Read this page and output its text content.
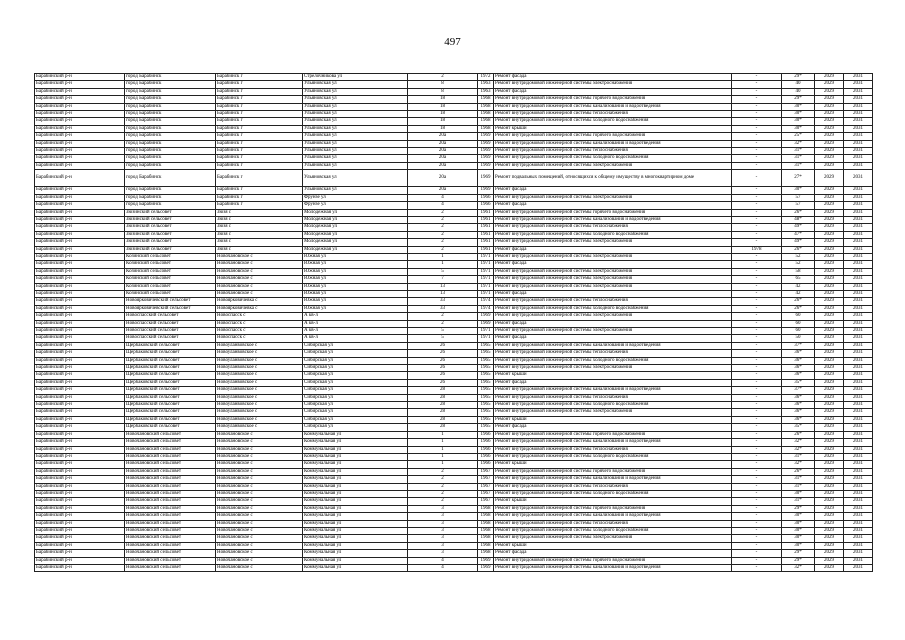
497
Барабинский р-н	город Барабинск	Барабинск г	Стрелочникова ул	2	1972	Ремонт фасада	-	29*	2029	2031
Барабинский р-н	город Барабинск	Барабинск г	Ульяновская ул	8	1963	Ремонт внутридомовой инженерной системы электроснабжения	-	40	2029	2031
Барабинский р-н	город Барабинск	Барабинск г	Ульяновская ул	8	1963	Ремонт фасада	-	40	2029	2031
Барабинский р-н	город Барабинск	Барабинск г	Ульяновская ул	18	1968	Ремонт внутридомовой инженерной системы горячего водоснабжения	-	29*	2029	2031
Барабинский р-н	город Барабинск	Барабинск г	Ульяновская ул	18	1968	Ремонт внутридомовой инженерной системы канализования и водоотведения	-	30*	2029	2031
Барабинский р-н	город Барабинск	Барабинск г	Ульяновская ул	18	1968	Ремонт внутридомовой инженерной системы теплоснабжения	-	30*	2029	2031
Барабинский р-н	город Барабинск	Барабинск г	Ульяновская ул	18	1968	Ремонт внутридомовой инженерной системы холодного водоснабжения	-	30*	2029	2031
Барабинский р-н	город Барабинск	Барабинск г	Ульяновская ул	18	1968	Ремонт крыши	-	30*	2029	2031
Барабинский р-н	город Барабинск	Барабинск г	Ульяновская ул	20а	1969	Ремонт внутридомовой инженерной системы горячего водоснабжения	-	25*	2029	2031
Барабинский р-н	город Барабинск	Барабинск г	Ульяновская ул	20а	1969	Ремонт внутридомовой инженерной системы канализования и водоотведения	-	32*	2029	2031
Барабинский р-н	город Барабинск	Барабинск г	Ульяновская ул	20а	1969	Ремонт внутридомовой инженерной системы теплоснабжения	-	31*	2029	2031
Барабинский р-н	город Барабинск	Барабинск г	Ульяновская ул	20а	1969	Ремонт внутридомовой инженерной системы холодного водоснабжения	-	31*	2029	2031
Барабинский р-н	город Барабинск	Барабинск г	Ульяновская ул	20а	1969	Ремонт внутридомовой инженерной системы электроснабжения	-	31*	2029	2031
Барабинский р-н	город Барабинск	Барабинск г	Ульяновская ул	20а	1969	Ремонт подвальных помещений, относящихся к общему имуществу в многоквартирном доме	-	27*	2029	2031
Барабинский р-н	город Барабинск	Барабинск г	Ульяновская ул	20а	1969	Ремонт фасада	-	30*	2029	2031
Барабинский р-н	город Барабинск	Барабинск г	Фрунзе ул	4	1966	Ремонт внутридомовой инженерной системы электроснабжения	-	57	2029	2031
Барабинский р-н	город Барабинск	Барабинск г	Фрунзе ул	4	1966	Ремонт фасада	-	57	2029	2031
Барабинский р-н	Зюзинский сельсовет	Зюзя с	Молодежная ул	2	1961	Ремонт внутридомовой инженерной системы горячего водоснабжения	-	26*	2029	2031
Барабинский р-н	Зюзинский сельсовет	Зюзя с	Молодежная ул	2	1961	Ремонт внутридомовой инженерной системы канализования и водоотведения	-	48*	2029	2031
Барабинский р-н	Зюзинский сельсовет	Зюзя с	Молодежная ул	2	1961	Ремонт внутридомовой инженерной системы теплоснабжения	-	49*	2029	2031
Барабинский р-н	Зюзинский сельсовет	Зюзя с	Молодежная ул	2	1961	Ремонт внутридомовой инженерной системы холодного водоснабжения	-	47*	2029	2031
Барабинский р-н	Зюзинский сельсовет	Зюзя с	Молодежная ул	2	1961	Ремонт внутридомовой инженерной системы электроснабжения	-	49*	2029	2031
Барабинский р-н	Зюзинский сельсовет	Зюзя с	Молодежная ул	2	1961	Ремонт фасада	1978	26*	2029	2031
Барабинский р-н	Козинский сельсовет	Новочановское с	Южная ул	1	1971	Ремонт внутридомовой инженерной системы электроснабжения	-	52	2029	2031
Барабинский р-н	Козинский сельсовет	Новочановское с	Южная ул	1	1971	Ремонт фасада	-	52	2029	2031
Барабинский р-н	Козинский сельсовет	Новочановское с	Южная ул	5	1971	Ремонт внутридомовой инженерной системы электроснабжения	-	58	2029	2031
Барабинский р-н	Козинский сельсовет	Новочановское с	Южная ул	7	1971	Ремонт внутридомовой инженерной системы электроснабжения	-	65	2029	2031
Барабинский р-н	Козинский сельсовет	Новочановское с	Южная ул	13	1971	Ремонт внутридомовой инженерной системы электроснабжения	-	42	2029	2031
Барабинский р-н	Козинский сельсовет	Новочановское с	Южная ул	13	1971	Ремонт фасада	-	42	2029	2031
Барабинский р-н	Новоярковичевский сельсовет	Новоярковичевка с	Южная ул	33	1974	Ремонт внутридомовой инженерной системы теплоснабжения	-	26*	2029	2031
Барабинский р-н	Новоярковичевский сельсовет	Новоярковичевка с	Южная ул	33	1974	Ремонт внутридомовой инженерной системы холодного водоснабжения	-	26*	2029	2031
Барабинский р-н	Новоспасский сельсовет	Новоспасск с	А кв-л	2	1969	Ремонт внутридомовой инженерной системы электроснабжения	-	60	2029	2031
Барабинский р-н	Новоспасский сельсовет	Новоспасск с	А кв-л	2	1969	Ремонт фасада	-	60	2029	2031
Барабинский р-н	Новоспасский сельсовет	Новоспасск с	А кв-л	5	1971	Ремонт внутридомовой инженерной системы электроснабжения	-	60	2029	2031
Барабинский р-н	Новоспасский сельсовет	Новоспасск с	А кв-л	5	1971	Ремонт фасада	-	50	2029	2031
Барабинский р-н	Щербаковский сельсовет	Новоуланвовское с	Сибирская ул	26	1965	Ремонт внутридомовой инженерной системы канализования и водоотведения	-	37*	2029	2031
Барабинский р-н	Щербаковский сельсовет	Новоуланвовское с	Сибирская ул	26	1965	Ремонт внутридомовой инженерной системы теплоснабжения	-	36*	2029	2031
Барабинский р-н	Щербаковский сельсовет	Новоуланвовское с	Сибирская ул	26	1965	Ремонт внутридомовой инженерной системы холодного водоснабжения	-	36*	2029	2031
Барабинский р-н	Щербаковский сельсовет	Новоуланвовское с	Сибирская ул	26	1965	Ремонт внутридомовой инженерной системы электроснабжения	-	36*	2029	2031
Барабинский р-н	Щербаковский сельсовет	Новоуланвовское с	Сибирская ул	26	1965	Ремонт крыши	-	36*	2029	2031
Барабинский р-н	Щербаковский сельсовет	Новоуланвовское с	Сибирская ул	26	1965	Ремонт фасада	-	35*	2029	2031
Барабинский р-н	Щербаковский сельсовет	Новоуланвовское с	Сибирская ул	28	1965	Ремонт внутридомовой инженерной системы канализования и водоотведения	-	37*	2029	2031
Барабинский р-н	Щербаковский сельсовет	Новоуланвовское с	Сибирская ул	28	1965	Ремонт внутридомовой инженерной системы теплоснабжения	-	36*	2029	2031
Барабинский р-н	Щербаковский сельсовет	Новоуланвовское с	Сибирская ул	28	1965	Ремонт внутридомовой инженерной системы холодного водоснабжения	-	36*	2029	2031
Барабинский р-н	Щербаковский сельсовет	Новоуланвовское с	Сибирская ул	28	1965	Ремонт внутридомовой инженерной системы электроснабжения	-	36*	2029	2031
Барабинский р-н	Щербаковский сельсовет	Новоуланвовское с	Сибирская ул	28	1965	Ремонт крыши	-	36*	2029	2031
Барабинский р-н	Щербаковский сельсовет	Новоуланвовское с	Сибирская ул	28	1965	Ремонт фасада	-	35*	2029	2031
Барабинский р-н	Новочановский сельсовет	Новочановское с	Коммунальная ул	1	1966	Ремонт внутридомовой инженерной системы горячего водоснабжения	-	26*	2029	2031
Барабинский р-н	Новочановский сельсовет	Новочановское с	Коммунальная ул	1	1966	Ремонт внутридомовой инженерной системы канализования и водоотведения	-	32*	2029	2031
Барабинский р-н	Новочановский сельсовет	Новочановское с	Коммунальная ул	1	1966	Ремонт внутридомовой инженерной системы теплоснабжения	-	32*	2029	2031
Барабинский р-н	Новочановский сельсовет	Новочановское с	Коммунальная ул	1	1966	Ремонт внутридомовой инженерной системы холодного водоснабжения	-	31*	2029	2031
Барабинский р-н	Новочановский сельсовет	Новочановское с	Коммунальная ул	1	1966	Ремонт крыши	-	32*	2029	2031
Барабинский р-н	Новочановский сельсовет	Новочановское с	Коммунальная ул	2	1967	Ремонт внутридомовой инженерной системы горячего водоснабжения	-	26*	2029	2031
Барабинский р-н	Новочановский сельсовет	Новочановское с	Коммунальная ул	2	1967	Ремонт внутридомовой инженерной системы канализования и водоотведения	-	31*	2029	2031
Барабинский р-н	Новочановский сельсовет	Новочановское с	Коммунальная ул	2	1967	Ремонт внутридомовой инженерной системы теплоснабжения	-	31*	2029	2031
Барабинский р-н	Новочановский сельсовет	Новочановское с	Коммунальная ул	2	1967	Ремонт внутридомовой инженерной системы холодного водоснабжения	-	30*	2029	2031
Барабинский р-н	Новочановский сельсовет	Новочановское с	Коммунальная ул	2	1967	Ремонт крыши	-	31*	2029	2031
Барабинский р-н	Новочановский сельсовет	Новочановское с	Коммунальная ул	3	1968	Ремонт внутридомовой инженерной системы горячего водоснабжения	-	29*	2029	2031
Барабинский р-н	Новочановский сельсовет	Новочановское с	Коммунальная ул	3	1968	Ремонт внутридомовой инженерной системы канализования и водоотведения	-	30*	2029	2031
Барабинский р-н	Новочановский сельсовет	Новочановское с	Коммунальная ул	3	1968	Ремонт внутридомовой инженерной системы теплоснабжения	-	30*	2029	2031
Барабинский р-н	Новочановский сельсовет	Новочановское с	Коммунальная ул	3	1968	Ремонт внутридомовой инженерной системы холодного водоснабжения	-	30*	2029	2031
Барабинский р-н	Новочановский сельсовет	Новочановское с	Коммунальная ул	3	1968	Ремонт внутридомовой инженерной системы электроснабжения	-	30*	2029	2031
Барабинский р-н	Новочановский сельсовет	Новочановское с	Коммунальная ул	3	1968	Ремонт крыши	-	30*	2029	2031
Барабинский р-н	Новочановский сельсовет	Новочановское с	Коммунальная ул	3	1968	Ремонт фасада	-	29*	2029	2031
Барабинский р-н	Новочановский сельсовет	Новочановское с	Коммунальная ул	4	1969	Ремонт внутридомовой инженерной системы горячего водоснабжения	-	29*	2029	2031
Барабинский р-н	Новочановский сельсовет	Новочановское с	Коммунальная ул	4	1969	Ремонт внутридомовой инженерной системы канализования и водоотведения	-	32*	2029	2031
